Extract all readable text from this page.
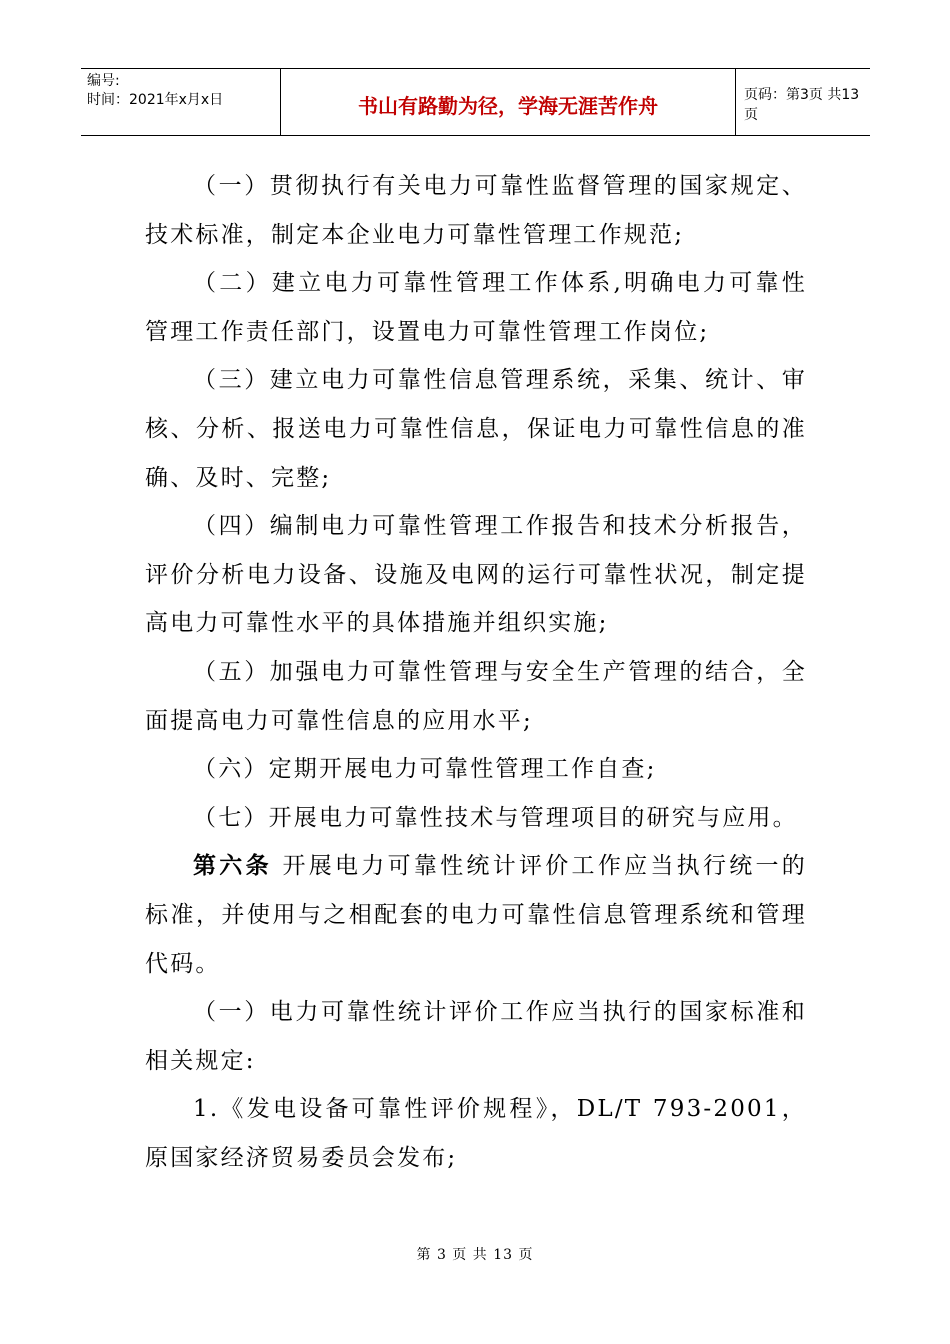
编号:
时间：2021年x月x日	书山有路勤为径，学海无涯苦作舟	页码：第3页 共13页

（一）贯彻执行有关电力可靠性监督管理的国家规定、技术标准，制定本企业电力可靠性管理工作规范;

（二）建立电力可靠性管理工作体系,明确电力可靠性管理工作责任部门，设置电力可靠性管理工作岗位;

（三）建立电力可靠性信息管理系统，采集、统计、审核、分析、报送电力可靠性信息，保证电力可靠性信息的准确、及时、完整;

（四）编制电力可靠性管理工作报告和技术分析报告，评价分析电力设备、设施及电网的运行可靠性状况，制定提高电力可靠性水平的具体措施并组织实施;

（五）加强电力可靠性管理与安全生产管理的结合，全面提高电力可靠性信息的应用水平;

（六）定期开展电力可靠性管理工作自查;

（七）开展电力可靠性技术与管理项目的研究与应用。

第六条 开展电力可靠性统计评价工作应当执行统一的标准，并使用与之相配套的电力可靠性信息管理系统和管理代码。

（一）电力可靠性统计评价工作应当执行的国家标准和相关规定:

1.《发电设备可靠性评价规程》，DL/T 793-2001，原国家经济贸易委员会发布;

第 3 页 共 13 页
